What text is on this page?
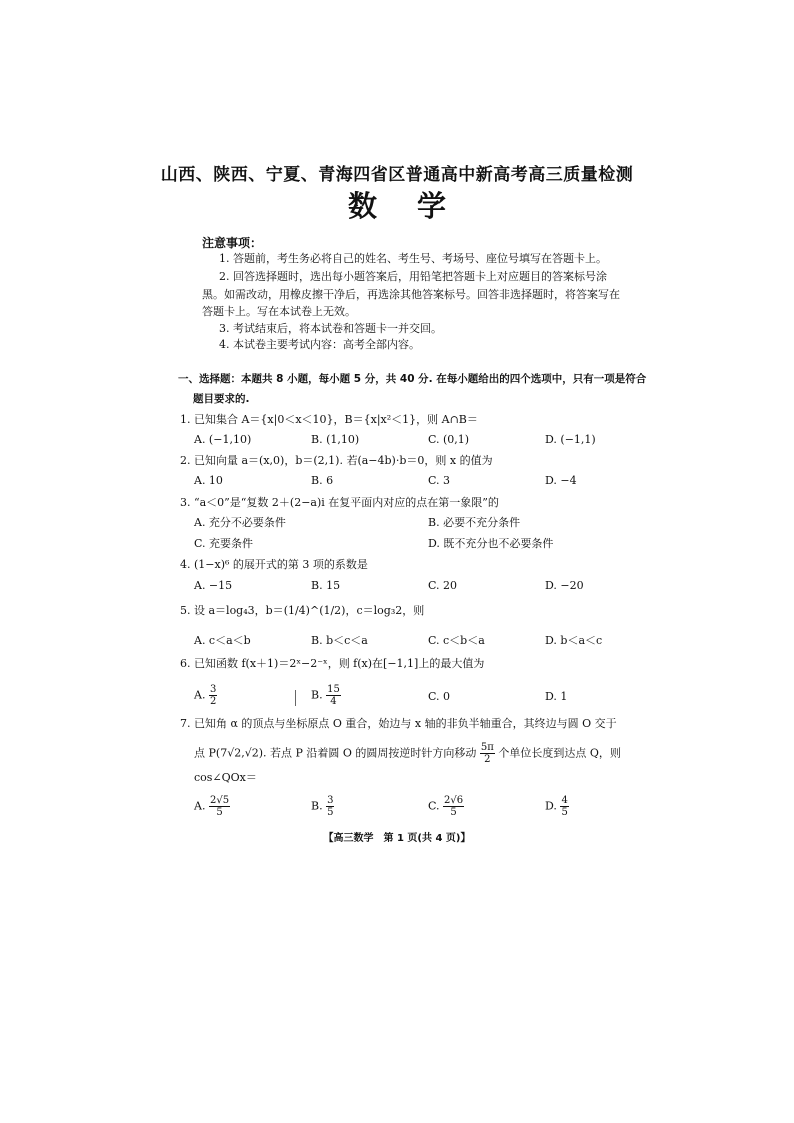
山西、陕西、宁夏、青海四省区普通高中新高考高三质量检测
数学
注意事项：
1. 答题前，考生务必将自己的姓名、考生号、考场号、座位号填写在答题卡上。
2. 回答选择题时，选出每小题答案后，用铅笔把答题卡上对应题目的答案标号涂
黑。如需改动，用橡皮擦干净后，再选涂其他答案标号。回答非选择题时，将答案写在
答题卡上。写在本试卷上无效。
3. 考试结束后，将本试卷和答题卡一并交回。
4. 本试卷主要考试内容：高考全部内容。
一、选择题：本题共 8 小题，每小题 5 分，共 40 分. 在每小题给出的四个选项中，只有一项是符合
题目要求的.
1. 已知集合 A＝{x|0＜x＜10}，B＝{x|x²＜1}，则 A∩B＝
A. (−1,10)	B. (1,10)	C. (0,1)	D. (−1,1)
2. 已知向量 a＝(x,0)，b＝(2,1). 若(a−4b)·b＝0，则 x 的值为
A. 10	B. 6	C. 3	D. −4
3. “a＜0”是“复数 2＋(2−a)i 在复平面内对应的点在第一象限”的
A. 充分不必要条件	B. 必要不充分条件
C. 充要条件	D. 既不充分也不必要条件
4. (1−x)⁶ 的展开式的第 3 项的系数是
A. −15	B. 15	C. 20	D. −20
5. 设 a＝log₄3，b＝(1/4)^(1/2)，c＝log₃2，则
A. c＜a＜b	B. b＜c＜a	C. c＜b＜a	D. b＜a＜c
6. 已知函数 f(x＋1)＝2ˣ−2⁻ˣ，则 f(x)在[−1,1]上的最大值为
A. $\frac{3}{2}$	B. $\frac{15}{4}$	C. 0	D. 1
7. 已知角 α 的顶点与坐标原点 O 重合，始边与 x 轴的非负半轴重合，其终边与圆 O 交于
点 P(7√2,√2). 若点 P 沿着圆 O 的圆周按逆时针方向移动 $\frac{5\pi}{2}$ 个单位长度到达点 Q，则
cos∠QOx＝
A. $\frac{2√5}{5}$	B. $\frac{3}{5}$	C. $\frac{2√6}{5}$	D. $\frac{4}{5}$
【高三数学　第 1 页(共 4 页)】
